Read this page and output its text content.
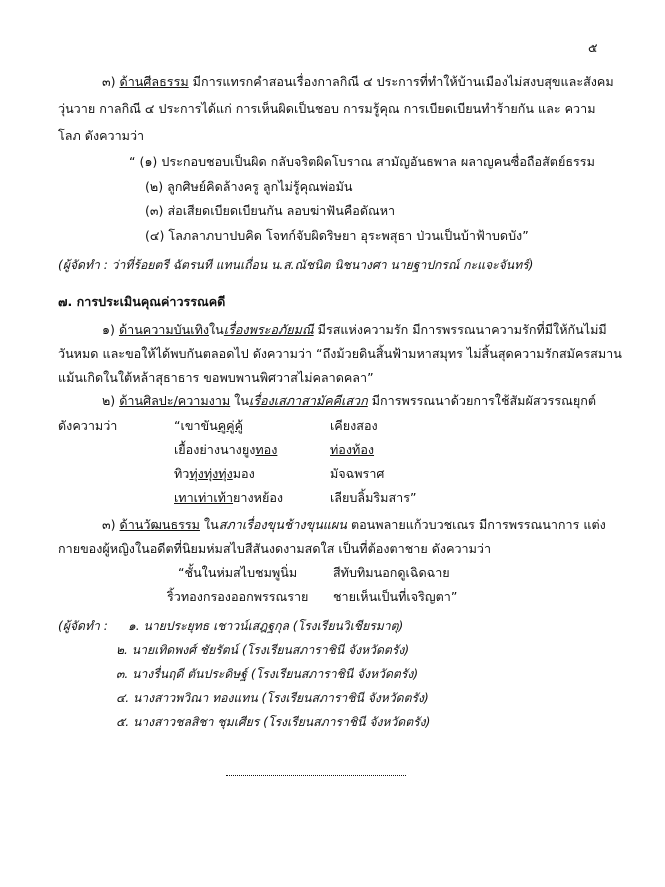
๕
๓) ด้านศีลธรรม มีการแทรกคำสอนเรื่องกาลกิณี ๔ ประการที่ทำให้บ้านเมืองไม่สงบสุขและสังคม
วุ่นวาย กาลกิณี ๔ ประการได้แก่ การเห็นผิดเป็นชอบ การมรู้คุณ การเบียดเบียนทำร้ายกัน และ ความ
โลภ ดังความว่า
“ (๑) ประกอบชอบเป็นผิด กลับจริตผิดโบราณ สามัญอันธพาล ผลาญคนซื่อถือสัตย์ธรรม
(๒) ลูกศิษย์คิดล้างครู ลูกไม่รู้คุณพ่อมัน
(๓) ส่อเสียดเบียดเบียนกัน ลอบฆ่าฟันคือดัณหา
(๔) โลภลาภบาปบคิด โจทก์จับผิดริษยา อุระพสุธา ป่วนเป็นบ้าฟ้าบดบัง”
(ผู้จัดทำ : ว่าที่ร้อยตรี ฉัตรนที แทนเถื่อน น.ส.ณัชนิต นิชนางศา นายฐาปกรณ์ กะแจะจันทร์)
๗. การประเมินคุณค่าวรรณคดี
๑) ด้านความบันเทิงในเรื่องพระอภัยมณี มีรสแห่งความรัก มีการพรรณนาความรักที่มีให้กันไม่มี
วันหมด และขอให้ได้พบกันตลอดไป ดังความว่า “ถึงม้วยดินสิ้นฟ้ามหาสมุทร ไม่สิ้นสุดความรักสมัครสมาน
แม้นเกิดในใต้หล้าสุธาธาร ขอพบพานพิศวาสไม่คลาดคลา”
๒) ด้านศิลปะ/ความงาม ในเรื่องเสภาสามัคคีเสวก มีการพรรณนาด้วยการใช้สัมผัสวรรณยุกต์
ดังความว่า	“เขาขันคูคู่คู้	เคียงสอง
เยื้องย่างนางยูงทอง	ท่องท้อง
ทิวทุ่งทุ่งทุ่งมอง	มัจฉพราศ
เทาเท่าเท้ายางหย้อง	เลียบลิ้มริมสาร”
๓) ด้านวัฒนธรรม ในสภาเรื่องขุนช้างขุนแผน ตอนพลายแก้วบวชเณร มีการพรรณนาการ แต่ง
กายของผู้หญิงในอดีตที่นิยมห่มสไบสีสันงดงามสดใส เป็นที่ต้องตาชาย ดังความว่า
“ชั้นในห่มสไบชมพูนิ่ม	สีทับทิมนอกดูเฉิดฉาย
ริ้วทองกรองออกพรรณราย ชายเห็นเป็นที่เจริญตา”
(ผู้จัดทำ : ๑. นายประยุทธ เชาวน์เสฎฐกุล (โรงเรียนวิเชียรมาตุ)
๒. นายเทิดพงศ์ ชัยรัตน์ (โรงเรียนสภาราชินี จังหวัดตรัง)
๓. นางรื่นฤดี ตันประดิษฐ์ (โรงเรียนสภาราชินี จังหวัดตรัง)
๔. นางสาวพวิณา ทองแทน (โรงเรียนสภาราชินี จังหวัดตรัง)
๕. นางสาวชลสิชา ชุมเศียร (โรงเรียนสภาราชินี จังหวัดตรัง)
